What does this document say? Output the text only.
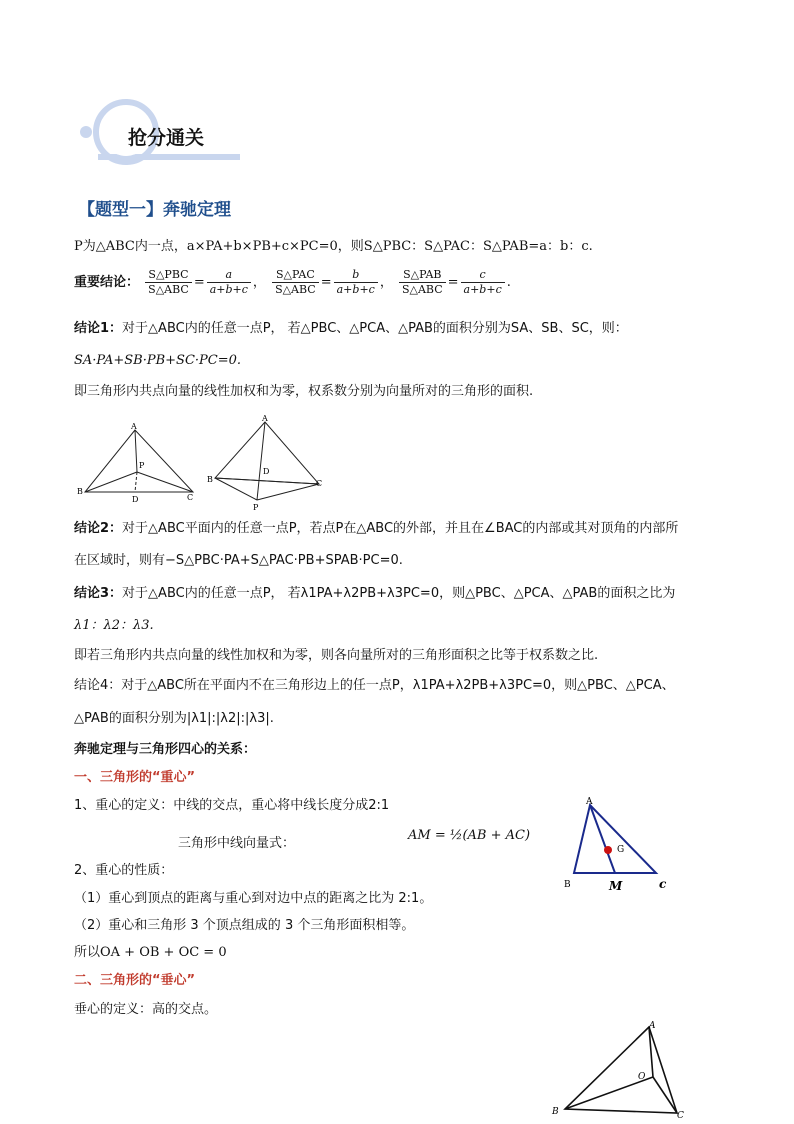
抢分通关
【题型一】奔驰定理
P为△ABC内一点，a×PA+b×PB+c×PC=0，则S△PBC：S△PAC：S△PAB=a：b：c.
重要结论： $\frac{\text{S△PBC}}{\text{S△ABC}} = \frac{a}{a+b+c}$ ， $\frac{\text{S△PAC}}{\text{S△ABC}} = \frac{b}{a+b+c}$ ， $\frac{\text{S△PAB}}{\text{S△ABC}} = \frac{c}{a+b+c}$ .
结论1：对于△ABC内的任意一点P， 若△PBC、△PCA、△PAB的面积分别为SA、SB、SC，则：
SA·PA+SB·PB+SC·PC=0.
即三角形内共点向量的线性加权和为零，权系数分别为向量所对的三角形的面积.
A
P
B
D	C
A
D
B	C
P
结论2：对于△ABC平面内的任意一点P，若点P在△ABC的外部，并且在∠BAC的内部或其对顶角的内部所
在区域时，则有−S△PBC·PA+S△PAC·PB+SPAB·PC=0.
结论3：对于△ABC内的任意一点P， 若λ1PA+λ2PB+λ3PC=0，则△PBC、△PCA、△PAB的面积之比为
λ1：λ2：λ3.
即若三角形内共点向量的线性加权和为零，则各向量所对的三角形面积之比等于权系数之比.
结论4：对于△ABC所在平面内不在三角形边上的任一点P，λ1PA+λ2PB+λ3PC=0，则△PBC、△PCA、
△PAB的面积分别为|λ1|:|λ2|:|λ3|.
奔驰定理与三角形四心的关系：
一、三角形的“重心”
1、重心的定义：中线的交点，重心将中线长度分成2:1
三角形中线向量式：
AM = ½(AB + AC)
2、重心的性质：
（1）重心到顶点的距离与重心到对边中点的距离之比为 2:1。
（2）重心和三角形 3 个顶点组成的 3 个三角形面积相等。
所以OA + OB + OC = 0
A
G
B	M	c
二、三角形的“垂心”
垂心的定义：高的交点。
A
O
B	C
